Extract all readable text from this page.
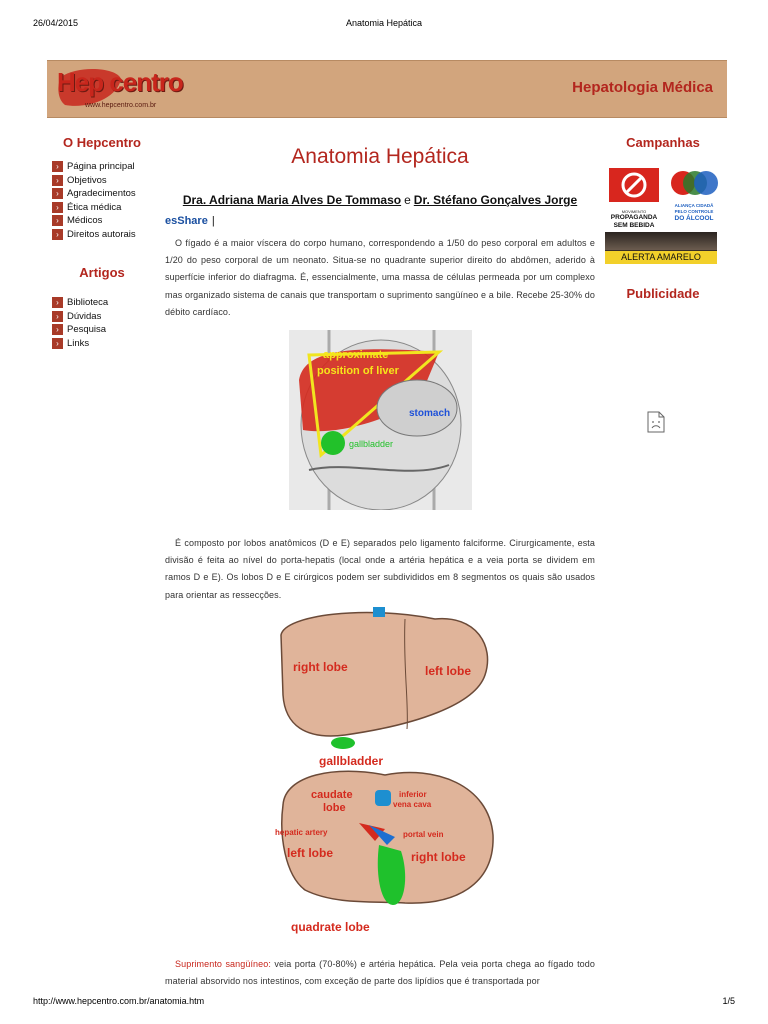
26/04/2015	Anatomia Hepática
Hep centro
www.hepcentro.com.br
Hepatologia Médica
O Hepcentro
› Página principal
› Objetivos
› Agradecimentos
› Ética médica
› Médicos
› Direitos autorais
Artigos
› Biblioteca
› Dúvidas
› Pesquisa
› Links
Anatomia Hepática
Dra. Adriana Maria Alves De Tommaso e Dr. Stéfano Gonçalves Jorge
esShare |

O fígado é a maior víscera do corpo humano, correspondendo a 1/50 do peso corporal em adultos e 1/20 do peso corporal de um neonato. Situa-se no quadrante superior direito do abdômen, aderido à superfície inferior do diafragma. É, essencialmente, uma massa de células permeada por um complexo mas organizado sistema de canais que transportam o suprimento sangüíneo e a bile. Recebe 25-30% do débito cardíaco.

approximate
position of liver
stomach
gallbladder

É composto por lobos anatômicos (D e E) separados pelo ligamento falciforme. Cirurgicamente, esta divisão é feita ao nível do porta-hepatis (local onde a artéria hepática e a veia porta se dividem em ramos D e E). Os lobos D e E cirúrgicos podem ser subdivididos em 8 segmentos os quais são usados para orientar as ressecções.

right lobe	left lobe
gallbladder
caudate
lobe
inferior
vena cava
hepatic artery	portal vein
left lobe	right lobe
quadrate lobe

Suprimento sangüíneo: veia porta (70-80%) e artéria hepática. Pela veia porta chega ao fígado todo material absorvido nos intestinos, com exceção de parte dos lipídios que é transportada por

Campanhas
MOVIMENTO
PROPAGANDA
SEM BEBIDA
ALIANÇA CIDADÃ
PELO CONTROLE
DO ÁLCOOL
ALERTA AMARELO
Publicidade
http://www.hepcentro.com.br/anatomia.htm	1/5
